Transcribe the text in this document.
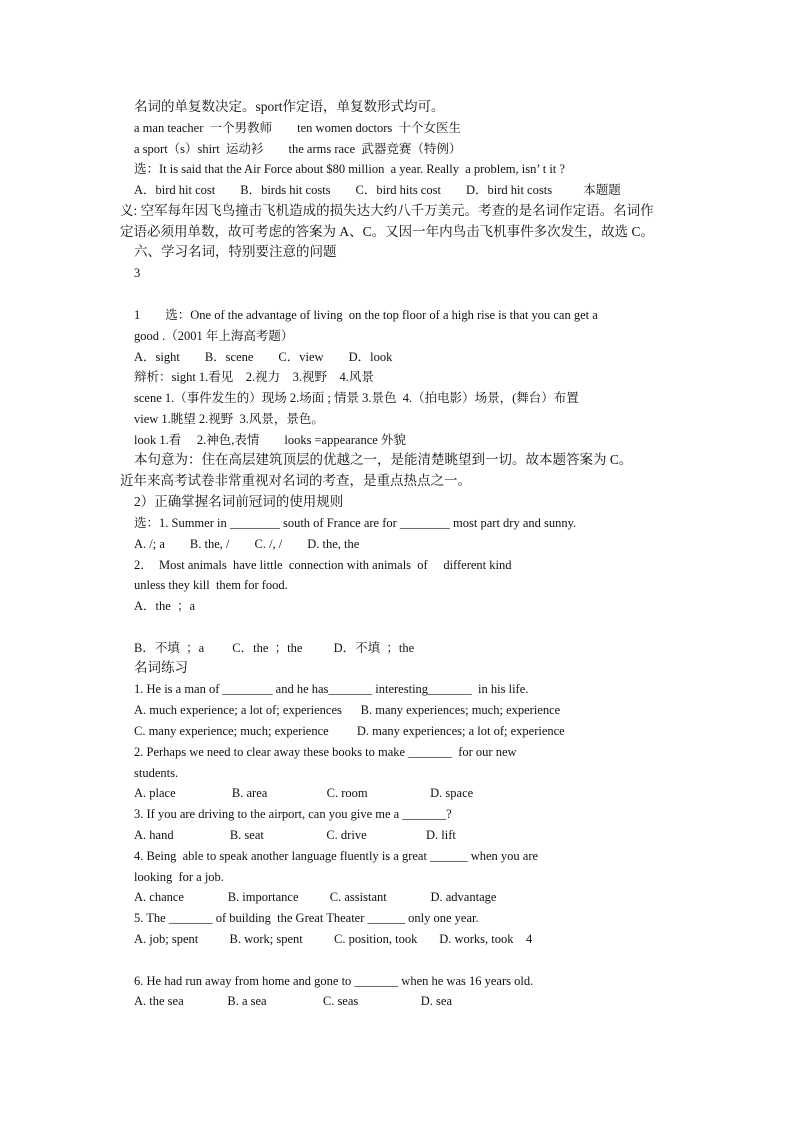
名词的单复数决定。sport作定语，单复数形式均可。
a man teacher  一个男教师        ten women doctors  十个女医生
a sport（s）shirt  运动衫        the arms race  武器竞赛（特例）
选：It is said that the Air Force about $80 million  a year. Really  a problem, isn’ t it ?
A．bird hit cost        B．birds hit costs        C．bird hits cost        D．bird hit costs          本题题
义: 空军每年因飞鸟撞击飞机造成的损失达大约八千万美元。考查的是名词作定语。名词作
定语必须用单数，故可考虑的答案为 A、C。又因一年内鸟击飞机事件多次发生，故选 C。
六、学习名词，特别要注意的问题
3
1        选：One of the advantage of living  on the top floor of a high rise is that you can get a
good .（2001 年上海高考题）
A．sight        B．scene        C．view        D．look
辩析：sight 1.看见    2.视力    3.视野    4.风景
scene 1.（事件发生的）现场 2.场面 ; 情景 3.景色  4.（拍电影）场景，(舞台）布置
view 1.眺望 2.视野  3.风景，景色。
look 1.看     2.神色,表情        looks =appearance 外貌
本句意为：住在高层建筑顶层的优越之一，是能清楚眺望到一切。故本题答案为 C。
近年来高考试卷非常重视对名词的考查，是重点热点之一。
2）正确掌握名词前冠词的使用规则
选：1. Summer in ________ south of France are for ________ most part dry and sunny.
A. /; a        B. the, /        C. /, /        D. the, the
2．  Most animals  have little  connection with animals  of     different kind
unless they kill  them for food.
A．the  ；a
B．不填  ；a         C．the  ；the          D．不填  ；the
名词练习
1. He is a man of ________ and he has_______ interesting_______  in his life.
A. much experience; a lot of; experiences      B. many experiences; much; experience
C. many experience; much; experience         D. many experiences; a lot of; experience
2. Perhaps we need to clear away these books to make _______  for our new
students.
A. place                  B. area                   C. room                    D. space
3. If you are driving to the airport, can you give me a _______?
A. hand                  B. seat                    C. drive                   D. lift
4. Being  able to speak another language fluently is a great ______ when you are
looking  for a job.
A. chance              B. importance          C. assistant              D. advantage
5. The _______ of building  the Great Theater ______ only one year.
A. job; spent          B. work; spent          C. position, took       D. works, took    4
6. He had run away from home and gone to _______ when he was 16 years old.
A. the sea              B. a sea                  C. seas                    D. sea
